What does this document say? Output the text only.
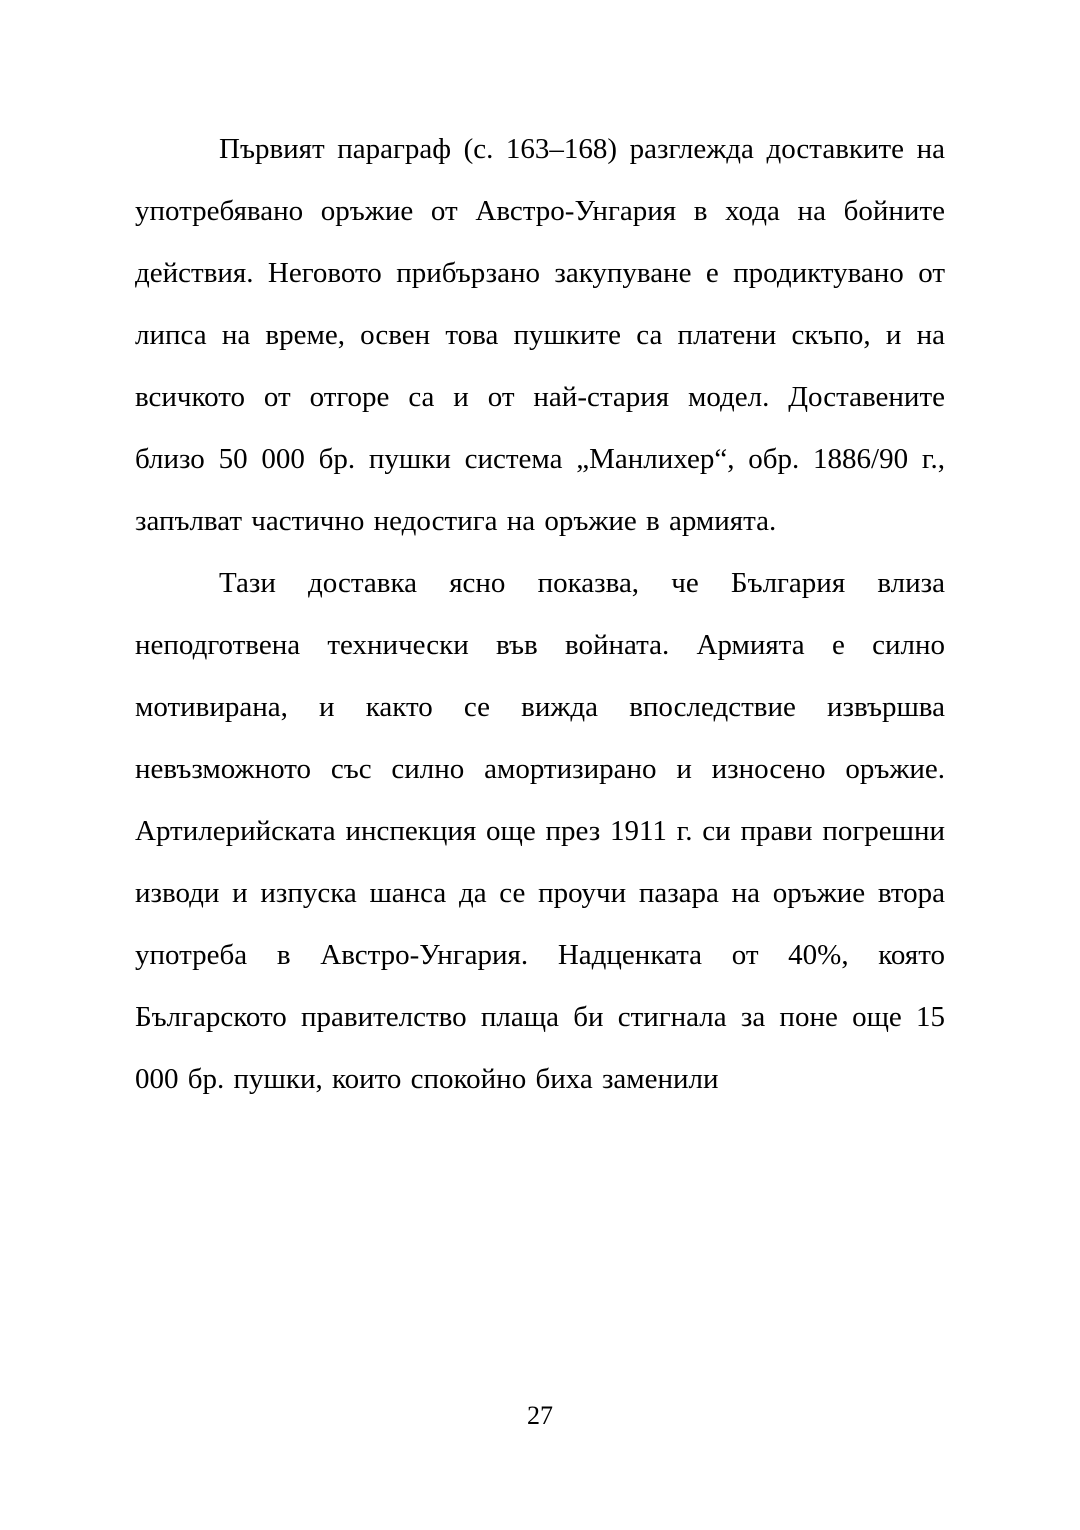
Първият параграф (с. 163–168) разглежда доставките на употребявано оръжие от Австро-Унгария в хода на бойните действия. Неговото прибързано закупуване е продиктувано от липса на време, освен това пушките са платени скъпо, и на всичкото от отгоре са и от най-стария модел. Доставените близо 50 000 бр. пушки система „Манлихер“, обр. 1886/90 г., запълват частично недостига на оръжие в армията.

Тази доставка ясно показва, че България влиза неподготвена технически във войната. Армията е силно мотивирана, и както се вижда впоследствие извършва невъзможното със силно амортизирано и износено оръжие. Артилерийската инспекция още през 1911 г. си прави погрешни изводи и изпуска шанса да се проучи пазара на оръжие втора употреба в Австро-Унгария. Надценката от 40%, която Българското правителство плаща би стигнала за поне още 15 000 бр. пушки, които спокойно биха заменили

27
